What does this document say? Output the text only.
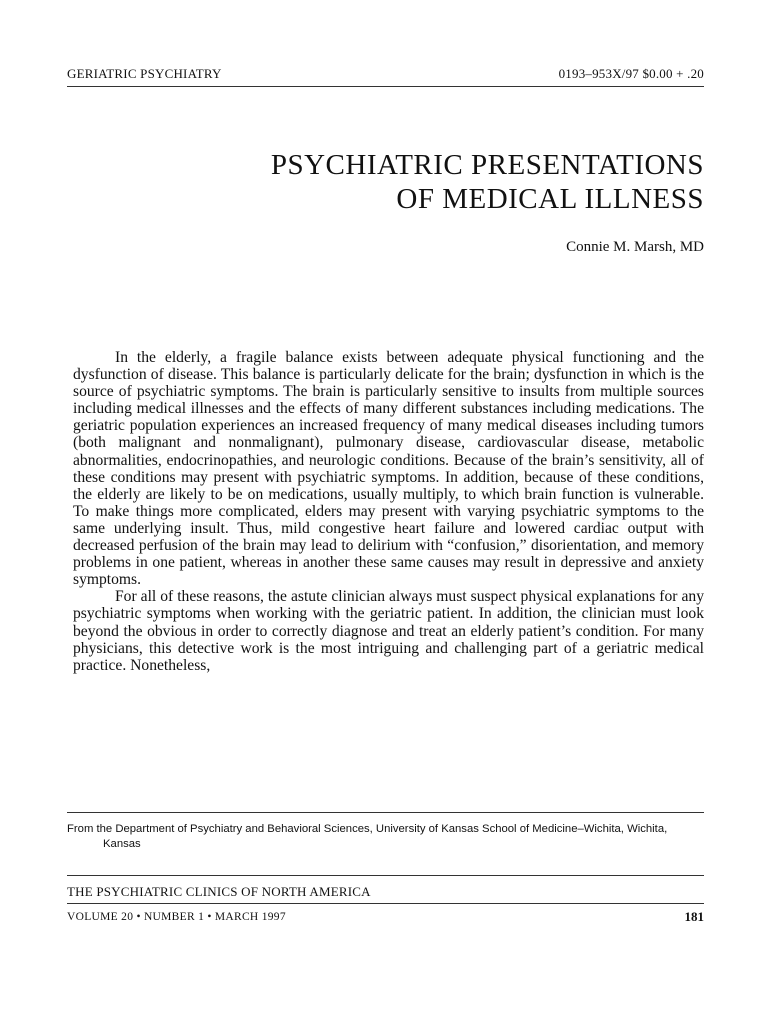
GERIATRIC PSYCHIATRY	0193–953X/97 $0.00 + .20
PSYCHIATRIC PRESENTATIONS
OF MEDICAL ILLNESS
Connie M. Marsh, MD

In the elderly, a fragile balance exists between adequate physical functioning and the dysfunction of disease. This balance is particularly delicate for the brain; dysfunction in which is the source of psychiatric symptoms. The brain is particularly sensitive to insults from multiple sources including medical illnesses and the effects of many different substances including medications. The geriatric population experiences an increased frequency of many medical diseases including tumors (both malignant and nonmalignant), pulmonary disease, cardiovascular disease, metabolic abnormalities, endocrinopathies, and neurologic conditions. Because of the brain’s sensitivity, all of these conditions may present with psychiatric symptoms. In addition, because of these conditions, the elderly are likely to be on medications, usually multiply, to which brain function is vulnerable. To make things more complicated, elders may present with varying psychiatric symptoms to the same underlying insult. Thus, mild congestive heart failure and lowered cardiac output with decreased perfusion of the brain may lead to delirium with “confusion,” disorientation, and memory problems in one patient, whereas in another these same causes may result in depressive and anxiety symptoms.

For all of these reasons, the astute clinician always must suspect physical explanations for any psychiatric symptoms when working with the geriatric patient. In addition, the clinician must look beyond the obvious in order to correctly diagnose and treat an elderly patient’s condition. For many physicians, this detective work is the most intriguing and challenging part of a geriatric medical practice. Nonetheless,

From the Department of Psychiatry and Behavioral Sciences, University of Kansas School of Medicine–Wichita, Wichita, Kansas
THE PSYCHIATRIC CLINICS OF NORTH AMERICA
VOLUME 20 • NUMBER 1 • MARCH 1997	181
